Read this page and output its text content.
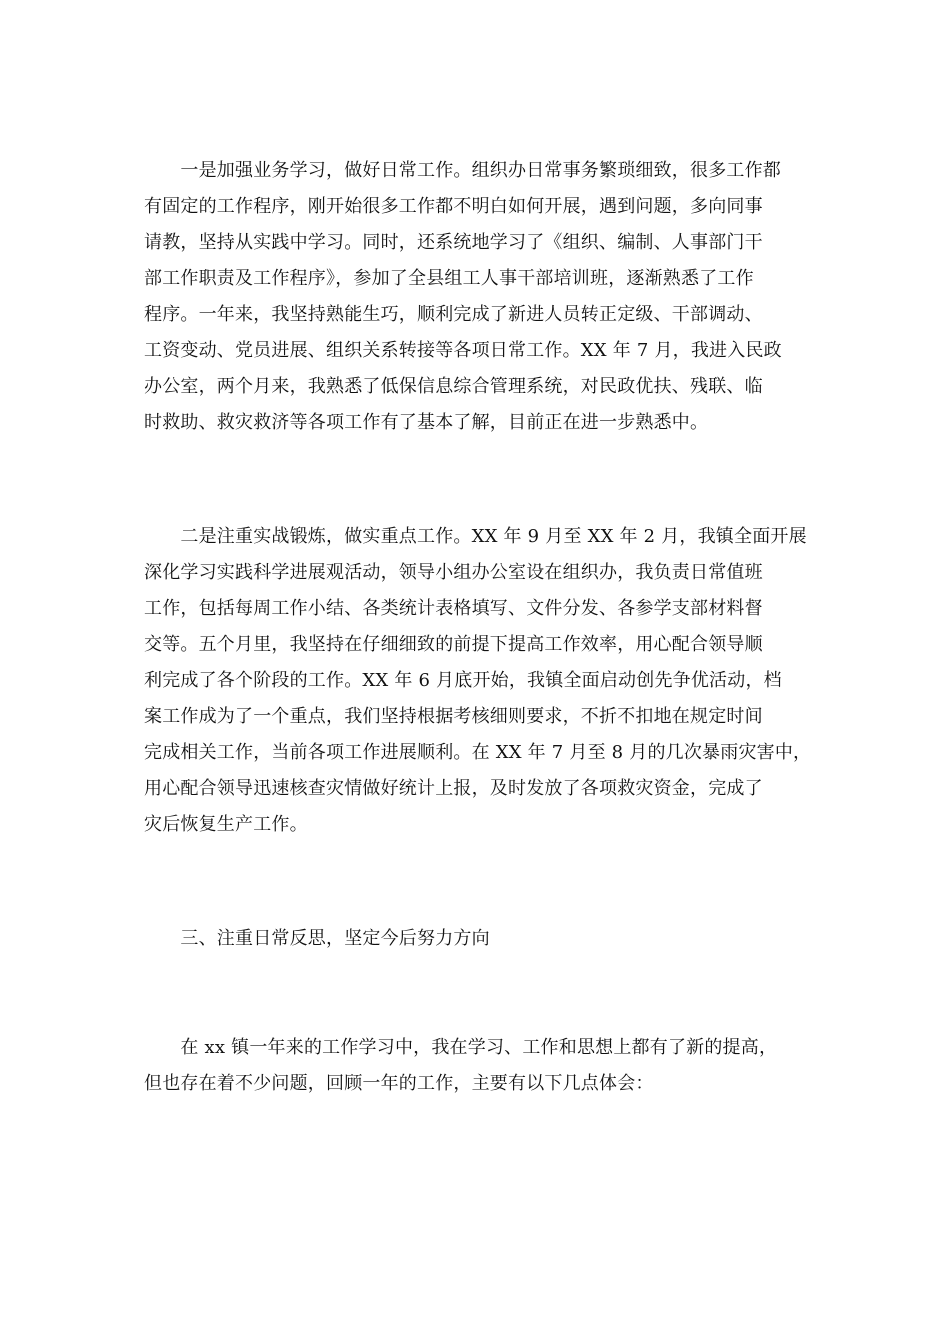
　　一是加强业务学习，做好日常工作。组织办日常事务繁琐细致，很多工作都
有固定的工作程序，刚开始很多工作都不明白如何开展，遇到问题，多向同事
请教，坚持从实践中学习。同时，还系统地学习了《组织、编制、人事部门干
部工作职责及工作程序》，参加了全县组工人事干部培训班，逐渐熟悉了工作
程序。一年来，我坚持熟能生巧，顺利完成了新进人员转正定级、干部调动、
工资变动、党员进展、组织关系转接等各项日常工作。XX 年 7 月，我进入民政
办公室，两个月来，我熟悉了低保信息综合管理系统，对民政优扶、残联、临
时救助、救灾救济等各项工作有了基本了解，目前正在进一步熟悉中。
　　二是注重实战锻炼，做实重点工作。XX 年 9 月至 XX 年 2 月，我镇全面开展
深化学习实践科学进展观活动，领导小组办公室设在组织办，我负责日常值班
工作，包括每周工作小结、各类统计表格填写、文件分发、各参学支部材料督
交等。五个月里，我坚持在仔细细致的前提下提高工作效率，用心配合领导顺
利完成了各个阶段的工作。XX 年 6 月底开始，我镇全面启动创先争优活动，档
案工作成为了一个重点，我们坚持根据考核细则要求，不折不扣地在规定时间
完成相关工作，当前各项工作进展顺利。在 XX 年 7 月至 8 月的几次暴雨灾害中，
用心配合领导迅速核查灾情做好统计上报，及时发放了各项救灾资金，完成了
灾后恢复生产工作。
　　三、注重日常反思，坚定今后努力方向
　　在 xx 镇一年来的工作学习中，我在学习、工作和思想上都有了新的提高，
但也存在着不少问题，回顾一年的工作，主要有以下几点体会：
